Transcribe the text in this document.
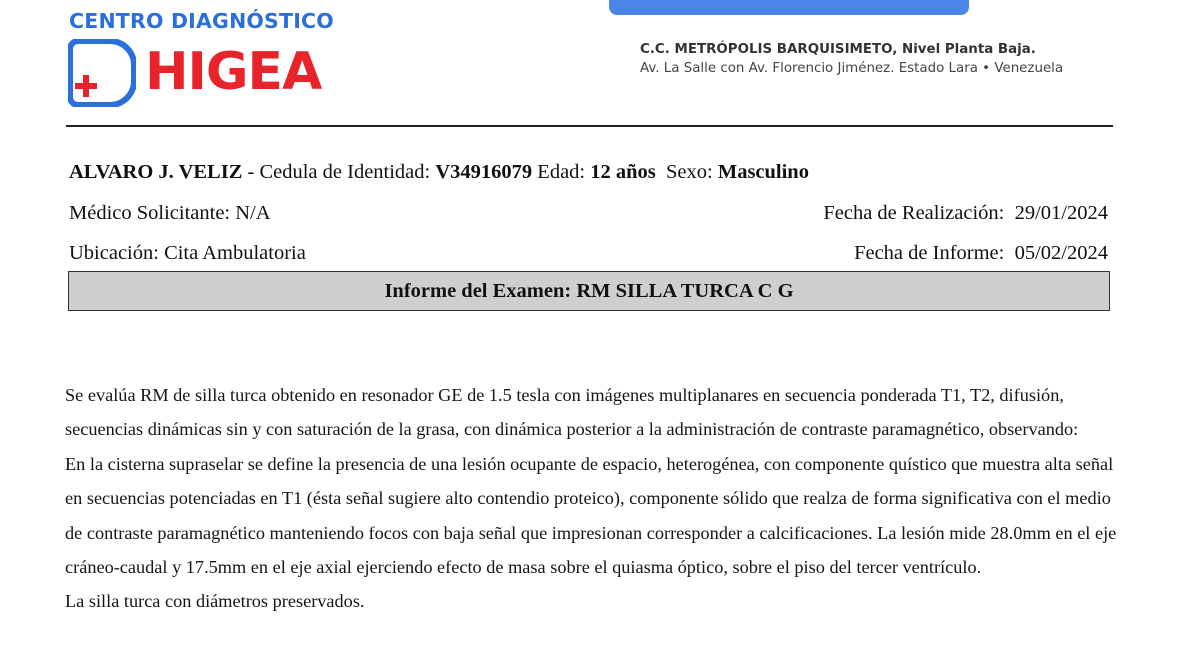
CENTRO DIAGNÓSTICO
HIGEA	C.C. METRÓPOLIS BARQUISIMETO, Nivel Planta Baja.
Av. La Salle con Av. Florencio Jiménez. Estado Lara • Venezuela
ALVARO J. VELIZ - Cedula de Identidad: V34916079 Edad: 12 años  Sexo: Masculino
Médico Solicitante: N/A
Ubicación: Cita Ambulatoria
Fecha de Realización:  29/01/2024
Fecha de Informe:  05/02/2024
Informe del Examen: RM SILLA TURCA C G

Se evalúa RM de silla turca obtenido en resonador GE de 1.5 tesla con imágenes multiplanares en secuencia ponderada T1, T2, difusión, secuencias dinámicas sin y con saturación de la grasa, con dinámica posterior a la administración de contraste paramagnético, observando:

En la cisterna supraselar se define la presencia de una lesión ocupante de espacio, heterogénea, con componente quístico que muestra alta señal en secuencias potenciadas en T1 (ésta señal sugiere alto contendio proteico), componente sólido que realza de forma significativa con el medio de contraste paramagnético manteniendo focos con baja señal que impresionan corresponder a calcificaciones. La lesión mide 28.0mm en el eje cráneo-caudal y 17.5mm en el eje axial ejerciendo efecto de masa sobre el quiasma óptico, sobre el piso del tercer ventrículo.

La silla turca con diámetros preservados.
